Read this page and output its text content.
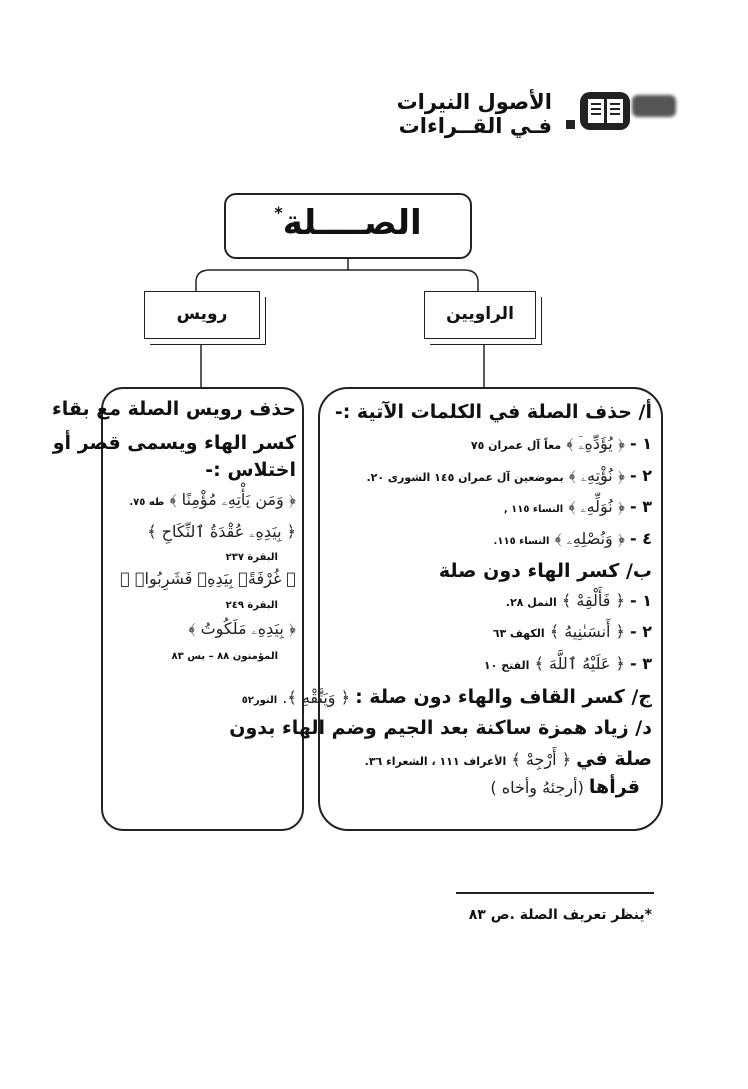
الأصول النيرات
فـي القــراءات
*الصــــلة
رويس	الراويين
حذف رويس الصلة مع بقاء
كسر الهاء ويسمى قصر أو
اختلاس :-
﴿ وَمَن يَأْتِهِۦ مُؤْمِنًا ﴾ طه ٧٥.
﴿ بِيَدِهِۦ عُقْدَةُ ٱلنِّكَاحِ ﴾
البقرة ٢٣٧
﴿ غُرْفَةًۢ بِيَدِهِۦ فَشَرِبُوا۟ ﴾
البقرة ٢٤٩
﴿ بِيَدِهِۦ مَلَكُوتُ ﴾
المؤمنون ٨٨ – يس ٨٣
أ/ حذف الصلة في الكلمات الآتية :-
١ - ﴿ يُؤَدِّهِۦٓ ﴾ معاً آل عمران ٧٥
٢ - ﴿ نُؤْتِهِۦ ﴾ بموضعين آل عمران ١٤٥ الشورى ٢٠.
٣ - ﴿ نُوَلِّهِۦ ﴾ النساء ١١٥ ,
٤ - ﴿ وَنُصْلِهِۦ ﴾ النساء ١١٥.
ب/ كسر الهاء دون صلة
١ - ﴿ فَأَلْقِهْ ﴾ النمل ٢٨.
٢ - ﴿ أَنسَىٰنِيهُ ﴾ الكهف ٦٣
٣ - ﴿ عَلَيْهُ ٱللَّهَ ﴾ الفتح ١٠
ج/ كسر القاف والهاء دون صلة : ﴿ وَيَتَّقْهِ ﴾. النور٥٢
د/ زياد همزة ساكنة بعد الجيم وضم الهاء بدون
صلة في ﴿ أَرْجِهْ ﴾ الأعراف ١١١ ، الشعراء ٣٦.
قرأها (أرجئهُ وأخاه )
*ينظر تعريف الصلة .ص ٨٣
